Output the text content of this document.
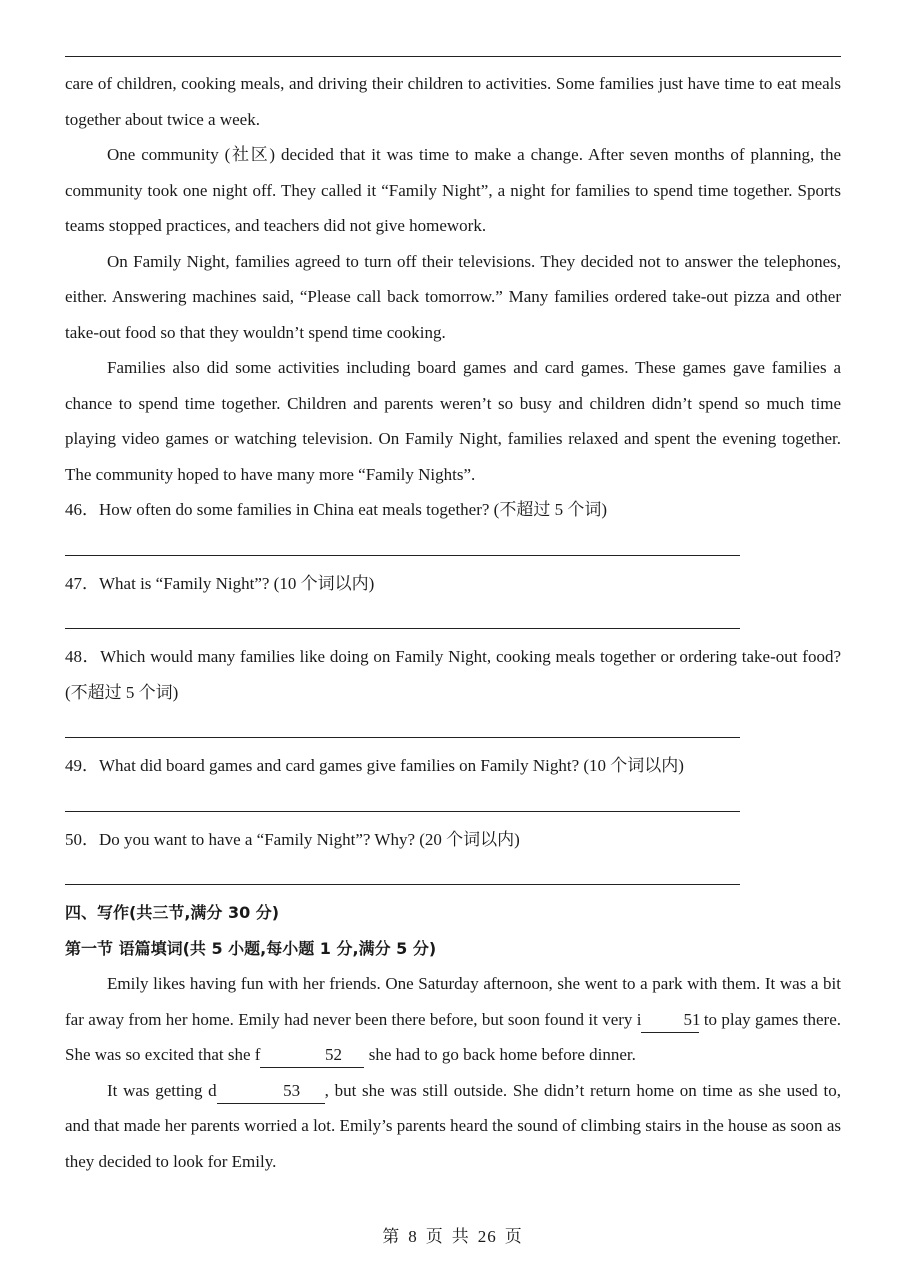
care of children, cooking meals, and driving their children to activities. Some families just have time to eat meals together about twice a week.

One community (社区) decided that it was time to make a change. After seven months of planning, the community took one night off. They called it “Family Night”, a night for families to spend time together. Sports teams stopped practices, and teachers did not give homework.

On Family Night, families agreed to turn off their televisions. They decided not to answer the telephones, either. Answering machines said, “Please call back tomorrow.” Many families ordered take-out pizza and other take-out food so that they wouldn’t spend time cooking.

Families also did some activities including board games and card games. These games gave families a chance to spend time together. Children and parents weren’t so busy and children didn’t spend so much time playing video games or watching television. On Family Night, families relaxed and spent the evening together. The community hoped to have many more “Family Nights”.

46．How often do some families in China eat meals together? (不超过 5 个词)

47．What is “Family Night”? (10 个词以内)

48．Which would many families like doing on Family Night, cooking meals together or ordering take-out food? (不超过 5 个词)

49．What did board games and card games give families on Family Night? (10 个词以内)

50．Do you want to have a “Family Night”? Why? (20 个词以内)

四、写作(共三节,满分 30 分)

第一节 语篇填词(共 5 小题,每小题 1 分,满分 5 分)

Emily likes having fun with her friends. One Saturday afternoon, she went to a park with them. It was a bit far away from her home. Emily had never been there before, but soon found it very i 51 to play games there. She was so excited that she f	52 she had to go back home before dinner.

It was getting d	53 , but she was still outside. She didn’t return home on time as she used to, and that made her parents worried a lot. Emily’s parents heard the sound of climbing stairs in the house as soon as they decided to look for Emily.

第 8 页 共 26 页
